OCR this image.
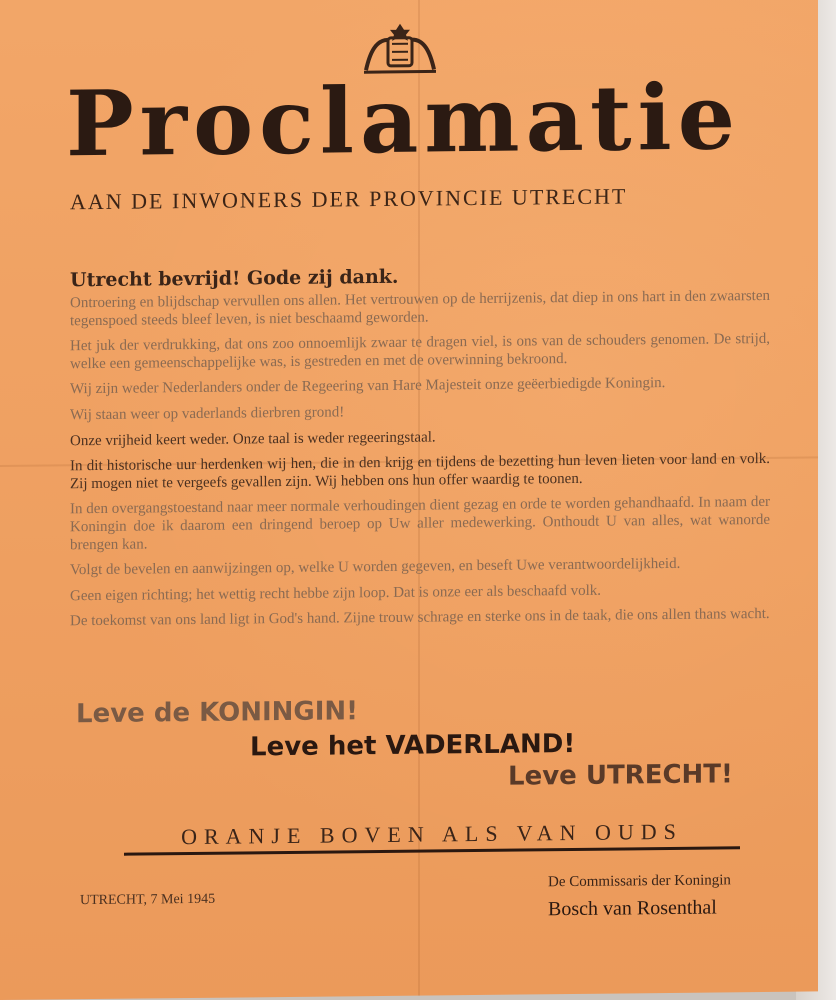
Proclamatie
AAN DE INWONERS DER PROVINCIE UTRECHT
Utrecht bevrijd! Gode zij dank.

Ontroering en blijdschap vervullen ons allen. Het vertrouwen op de herrijzenis, dat diep in ons hart in den zwaarsten tegenspoed steeds bleef leven, is niet beschaamd geworden.

Het juk der verdrukking, dat ons zoo onnoemlijk zwaar te dragen viel, is ons van de schouders genomen. De strijd, welke een gemeenschappelijke was, is gestreden en met de overwinning bekroond.

Wij zijn weder Nederlanders onder de Regeering van Hare Majesteit onze geëerbiedigde Koningin.

Wij staan weer op vaderlands dierbren grond!

Onze vrijheid keert weder. Onze taal is weder regeeringstaal.

In dit historische uur herdenken wij hen, die in den krijg en tijdens de bezetting hun leven lieten voor land en volk. Zij mogen niet te vergeefs gevallen zijn. Wij hebben ons hun offer waardig te toonen.

In den overgangstoestand naar meer normale verhoudingen dient gezag en orde te worden gehandhaafd. In naam der Koningin doe ik daarom een dringend beroep op Uw aller medewerking. Onthoudt U van alles, wat wanorde brengen kan.

Volgt de bevelen en aanwijzingen op, welke U worden gegeven, en beseft Uwe verantwoordelijkheid.

Geen eigen richting; het wettig recht hebbe zijn loop. Dat is onze eer als beschaafd volk.

De toekomst van ons land ligt in God's hand. Zijne trouw schrage en sterke ons in de taak, die ons allen thans wacht.

Leve de KONINGIN!
Leve het VADERLAND!
Leve UTRECHT!
ORANJE BOVEN ALS VAN OUDS
UTRECHT, 7 Mei 1945
De Commissaris der Koningin
Bosch van Rosenthal
